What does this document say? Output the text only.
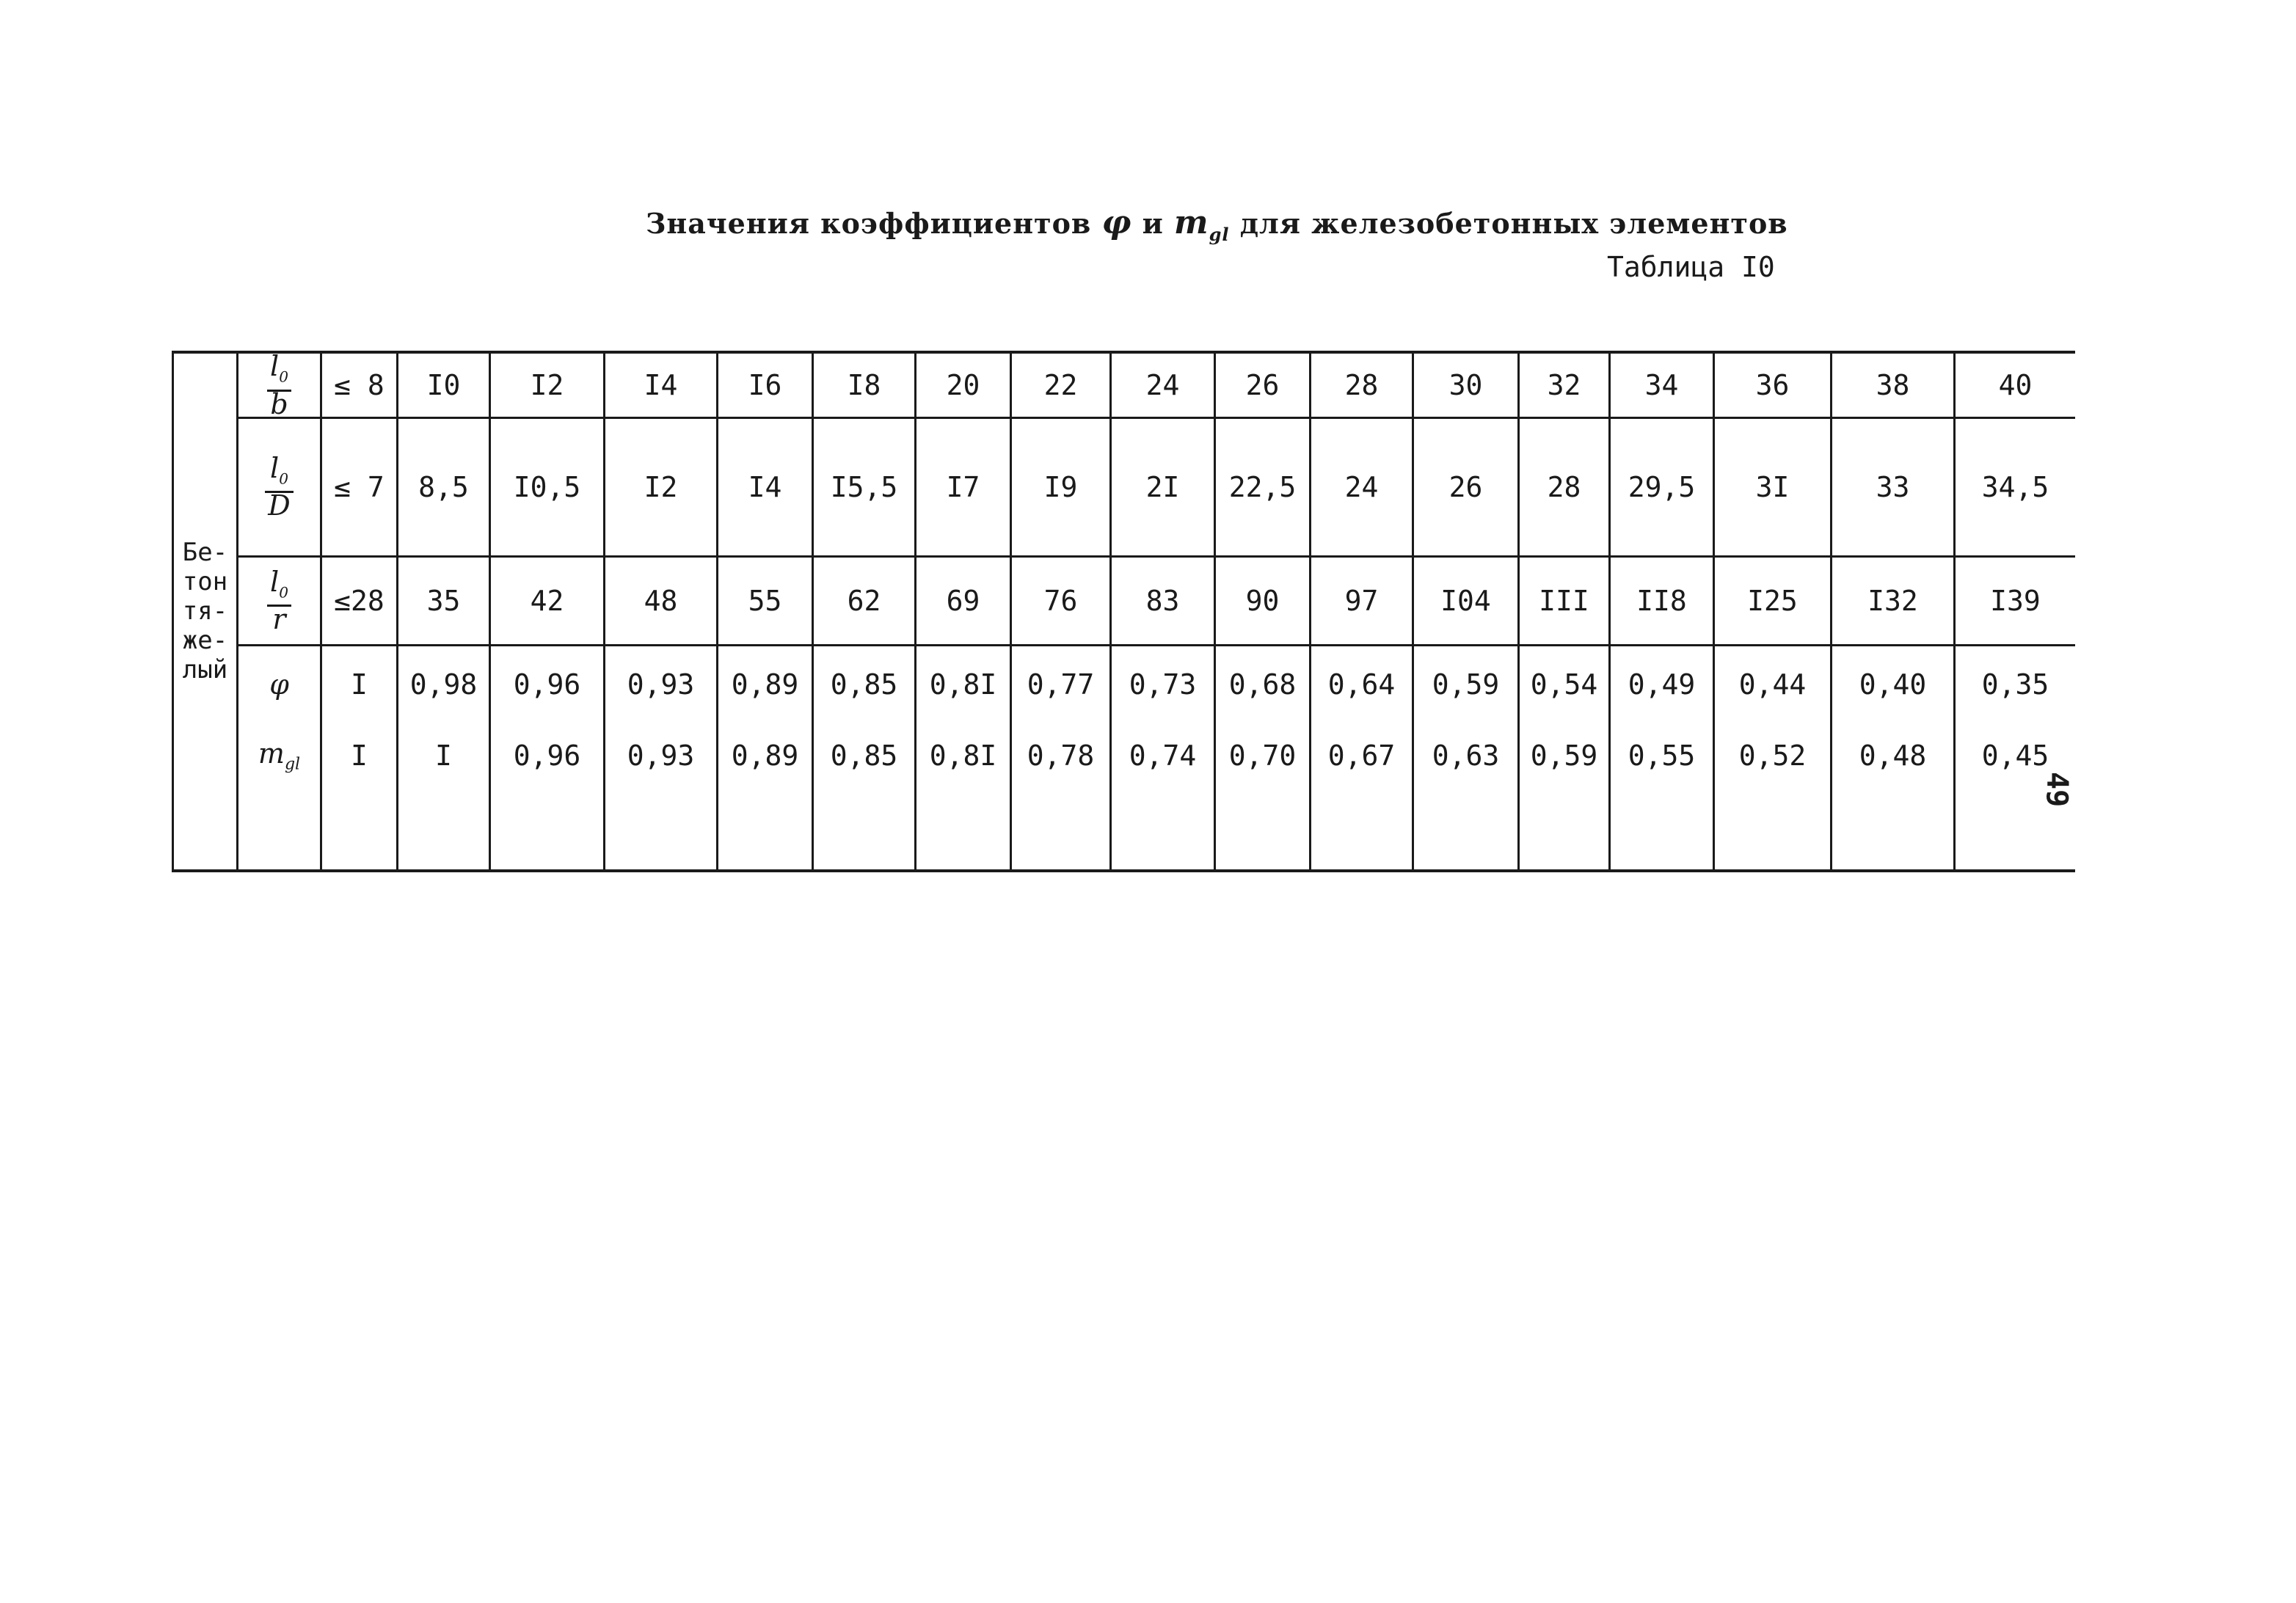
Значения коэффициентов φ и $m_{gl}$ для железобетонных элементов
Таблица I0
49
Бе-
тон
тя-
же-
лый	$\frac{l_0}{b}$	≤ 8	I0	I2	I4	I6	I8	20	22	24	26	28	30	32	34	36	38	40

	$\frac{l_0}{D}$	≤ 7	8,5	I0,5	I2	I4	I5,5	I7	I9	2I	22,5	24	26	28	29,5	3I	33	34,5

	$\frac{l_0}{r}$	≤28	35	42	48	55	62	69	76	83	90	97	I04	III	II8	I25	I32	I39
	φ	I	0,98	0,96	0,93	0,89	0,85	0,8I	0,77	0,73	0,68	0,64	0,59	0,54	0,49	0,44	0,40	0,35
	$m_{gl}$	I	I	0,96	0,93	0,89	0,85	0,8I	0,78	0,74	0,70	0,67	0,63	0,59	0,55	0,52	0,48	0,45
